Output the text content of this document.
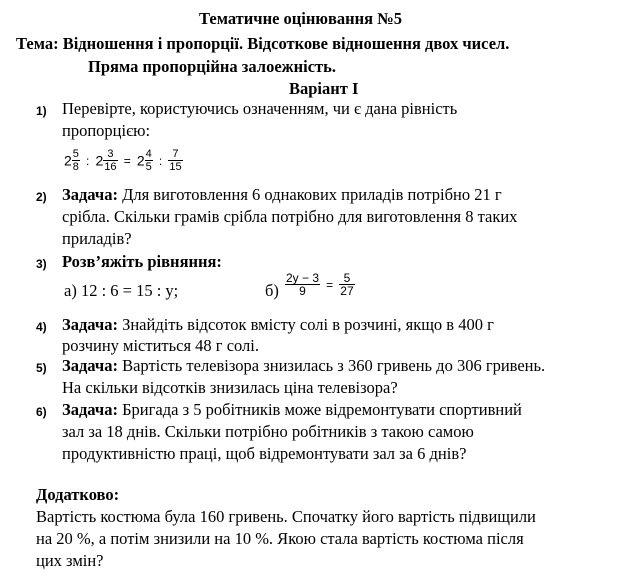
Тематичне оцінювання №5
Тема: Відношення і пропорції. Відсоткове відношення двох чисел.
Пряма пропорційна залоежність.
Варіант І
1) Перевірте, користуючись означенням, чи є дана рівність
пропорцією:
$2 \frac{5}{8}$ : $2 \frac{3}{16} = 2 \frac{4}{5}$ : $\frac{7}{15}$
2) Задача: Для виготовлення 6 однакових приладів потрібно 21 г
срібла. Скільки грамів срібла потрібно для виготовлення 8 таких
приладів?
3) Розв’яжіть рівняння:
а) 12 : 6 = 15 : y;	$б) \frac{2y - 3}{9} = \frac{5}{27}$
4) Задача: Знайдіть відсоток вмісту солі в розчині, якщо в 400 г
розчину міститься 48 г солі.
5) Задача: Вартість телевізора знизилась з 360 гривень до 306 гривень.
На скільки відсотків знизилась ціна телевізора?
6) Задача: Бригада з 5 робітників може відремонтувати спортивний
зал за 18 днів. Скільки потрібно робітників з такою самою
продуктивністю праці, щоб відремонтувати зал за 6 днів?
Додатково:
Вартість костюма була 160 гривень. Спочатку його вартість підвищили
на 20 %, а потім знизили на 10 %. Якою стала вартість костюма після
цих змін?
